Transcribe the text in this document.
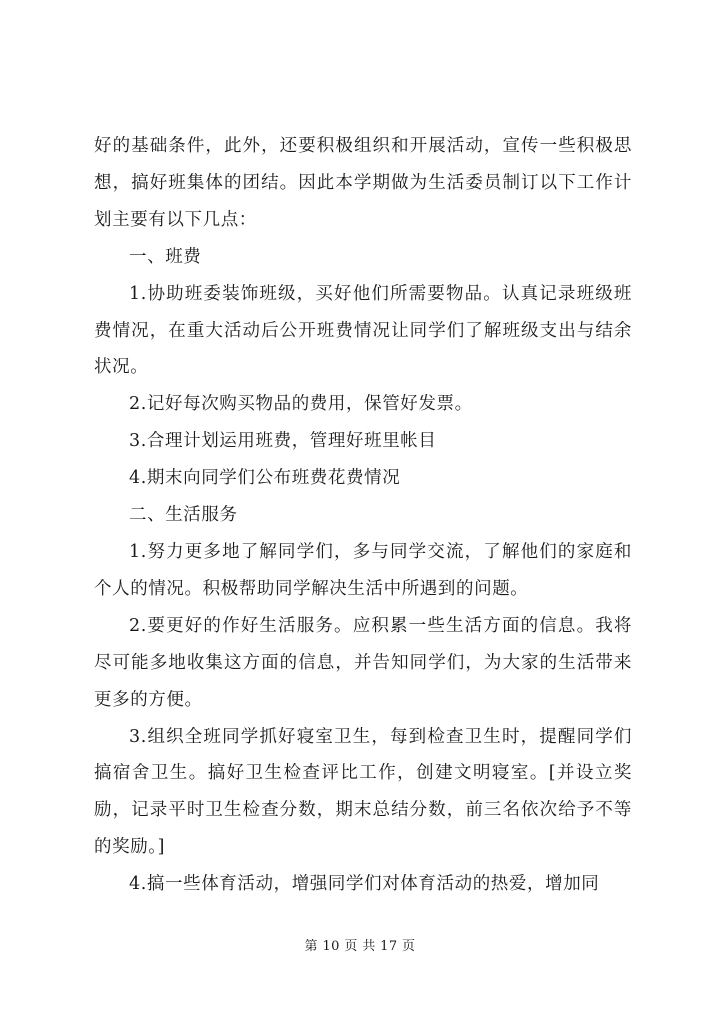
好的基础条件，此外，还要积极组织和开展活动，宣传一些积极思想，搞好班集体的团结。因此本学期做为生活委员制订以下工作计划主要有以下几点：

一、班费

1.协助班委装饰班级，买好他们所需要物品。认真记录班级班费情况，在重大活动后公开班费情况让同学们了解班级支出与结余状况。

2.记好每次购买物品的费用，保管好发票。

3.合理计划运用班费，管理好班里帐目

4.期末向同学们公布班费花费情况

二、生活服务

1.努力更多地了解同学们，多与同学交流，了解他们的家庭和个人的情况。积极帮助同学解决生活中所遇到的问题。

2.要更好的作好生活服务。应积累一些生活方面的信息。我将尽可能多地收集这方面的信息，并告知同学们，为大家的生活带来更多的方便。

3.组织全班同学抓好寝室卫生，每到检查卫生时，提醒同学们搞宿舍卫生。搞好卫生检查评比工作，创建文明寝室。[并设立奖励，记录平时卫生检查分数，期末总结分数，前三名依次给予不等的奖励。]

4.搞一些体育活动，增强同学们对体育活动的热爱，增加同

第 10 页 共 17 页
